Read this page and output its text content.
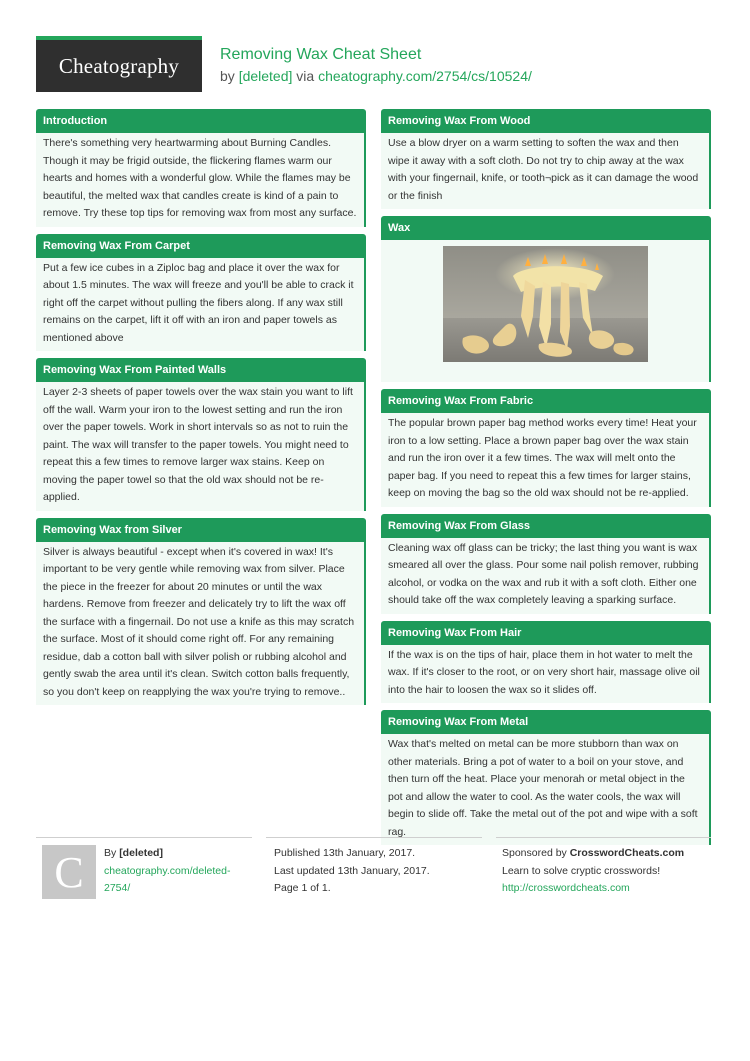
Cheatography	Removing Wax Cheat Sheet
by [deleted] via cheatography.com/2754/cs/10524/
Introduction
There's something very heartwarming about Burning Candles. Though it may be frigid outside, the flickering flames warm our hearts and homes with a wonderful glow. While the flames may be beautiful, the melted wax that candles create is kind of a pain to remove. Try these top tips for removing wax from most any surface.
Removing Wax From Carpet
Put a few ice cubes in a Ziploc bag and place it over the wax for about 1.5 minutes. The wax will freeze and you'll be able to crack it right off the carpet without pulling the fibers along. If any wax still remains on the carpet, lift it off with an iron and paper towels as mentioned above
Removing Wax From Painted Walls
Layer 2-3 sheets of paper towels over the wax stain you want to lift off the wall. Warm your iron to the lowest setting and run the iron over the paper towels. Work in short intervals so as not to ruin the paint. The wax will transfer to the paper towels. You might need to repeat this a few times to remove larger wax stains. Keep on moving the paper towel so that the old wax should not be re-applied.
Removing Wax from Silver
Silver is always beautiful - except when it's covered in wax! It's important to be very gentle while removing wax from silver. Place the piece in the freezer for about 20 minutes or until the wax hardens. Remove from freezer and delicately try to lift the wax off the surface with a fingernail. Do not use a knife as this may scratch the surface. Most of it should come right off. For any remaining residue, dab a cotton ball with silver polish or rubbing alcohol and gently swab the area until it's clean. Switch cotton balls frequently, so you don't keep on reapplying the wax you're trying to remove..
Removing Wax From Wood
Use a blow dryer on a warm setting to soften the wax and then wipe it away with a soft cloth. Do not try to chip away at the wax with your fingernail, knife, or tooth¬pick as it can damage the wood or the finish
Wax
Removing Wax From Fabric
The popular brown paper bag method works every time! Heat your iron to a low setting. Place a brown paper bag over the wax stain and run the iron over it a few times. The wax will melt onto the paper bag. If you need to repeat this a few times for larger stains, keep on moving the bag so the old wax should not be re-applied.
Removing Wax From Glass
Cleaning wax off glass can be tricky; the last thing you want is wax smeared all over the glass. Pour some nail polish remover, rubbing alcohol, or vodka on the wax and rub it with a soft cloth. Either one should take off the wax completely leaving a sparking surface.
Removing Wax From Hair
If the wax is on the tips of hair, place them in hot water to melt the wax. If it's closer to the root, or on very short hair, massage olive oil into the hair to loosen the wax so it slides off.
Removing Wax From Metal
Wax that's melted on metal can be more stubborn than wax on other materials. Bring a pot of water to a boil on your stove, and then turn off the heat. Place your menorah or metal object in the pot and allow the water to cool. As the water cools, the wax will begin to slide off. Take the metal out of the pot and wipe with a soft rag.
C By [deleted]
cheatography.com/deleted-
2754/
Published 13th January, 2017.
Last updated 13th January, 2017.
Page 1 of 1.
Sponsored by CrosswordCheats.com
Learn to solve cryptic crosswords!
http://crosswordcheats.com
